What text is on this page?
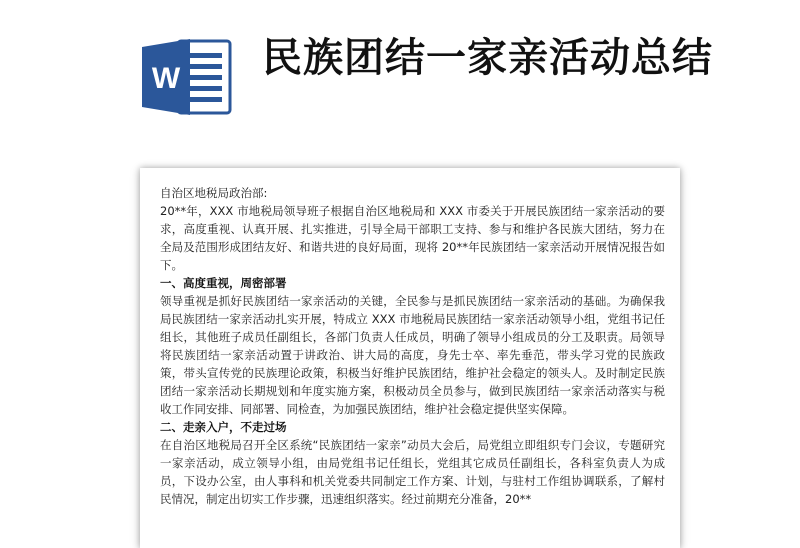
W 民族团结一家亲活动总结

自治区地税局政治部:

20**年，XXX 市地税局领导班子根据自治区地税局和 XXX 市委关于开展民族团结一家亲活动的要求，高度重视、认真开展、扎实推进，引导全局干部职工支持、参与和维护各民族大团结，努力在全局及范围形成团结友好、和谐共进的良好局面，现将 20**年民族团结一家亲活动开展情况报告如下。

一、高度重视，周密部署

领导重视是抓好民族团结一家亲活动的关键，全民参与是抓民族团结一家亲活动的基础。为确保我局民族团结一家亲活动扎实开展，特成立 XXX 市地税局民族团结一家亲活动领导小组，党组书记任组长，其他班子成员任副组长，各部门负责人任成员，明确了领导小组成员的分工及职责。局领导将民族团结一家亲活动置于讲政治、讲大局的高度，身先士卒、率先垂范，带头学习党的民族政策，带头宣传党的民族理论政策，积极当好维护民族团结，维护社会稳定的领头人。及时制定民族团结一家亲活动长期规划和年度实施方案，积极动员全员参与，做到民族团结一家亲活动落实与税收工作同安排、同部署、同检查，为加强民族团结，维护社会稳定提供坚实保障。

二、走亲入户，不走过场

在自治区地税局召开全区系统“民族团结一家亲”动员大会后，局党组立即组织专门会议，专题研究一家亲活动，成立领导小组，由局党组书记任组长，党组其它成员任副组长，各科室负责人为成员，下设办公室，由人事科和机关党委共同制定工作方案、计划，与驻村工作组协调联系，了解村民情况，制定出切实工作步骤，迅速组织落实。经过前期充分准备，20**
